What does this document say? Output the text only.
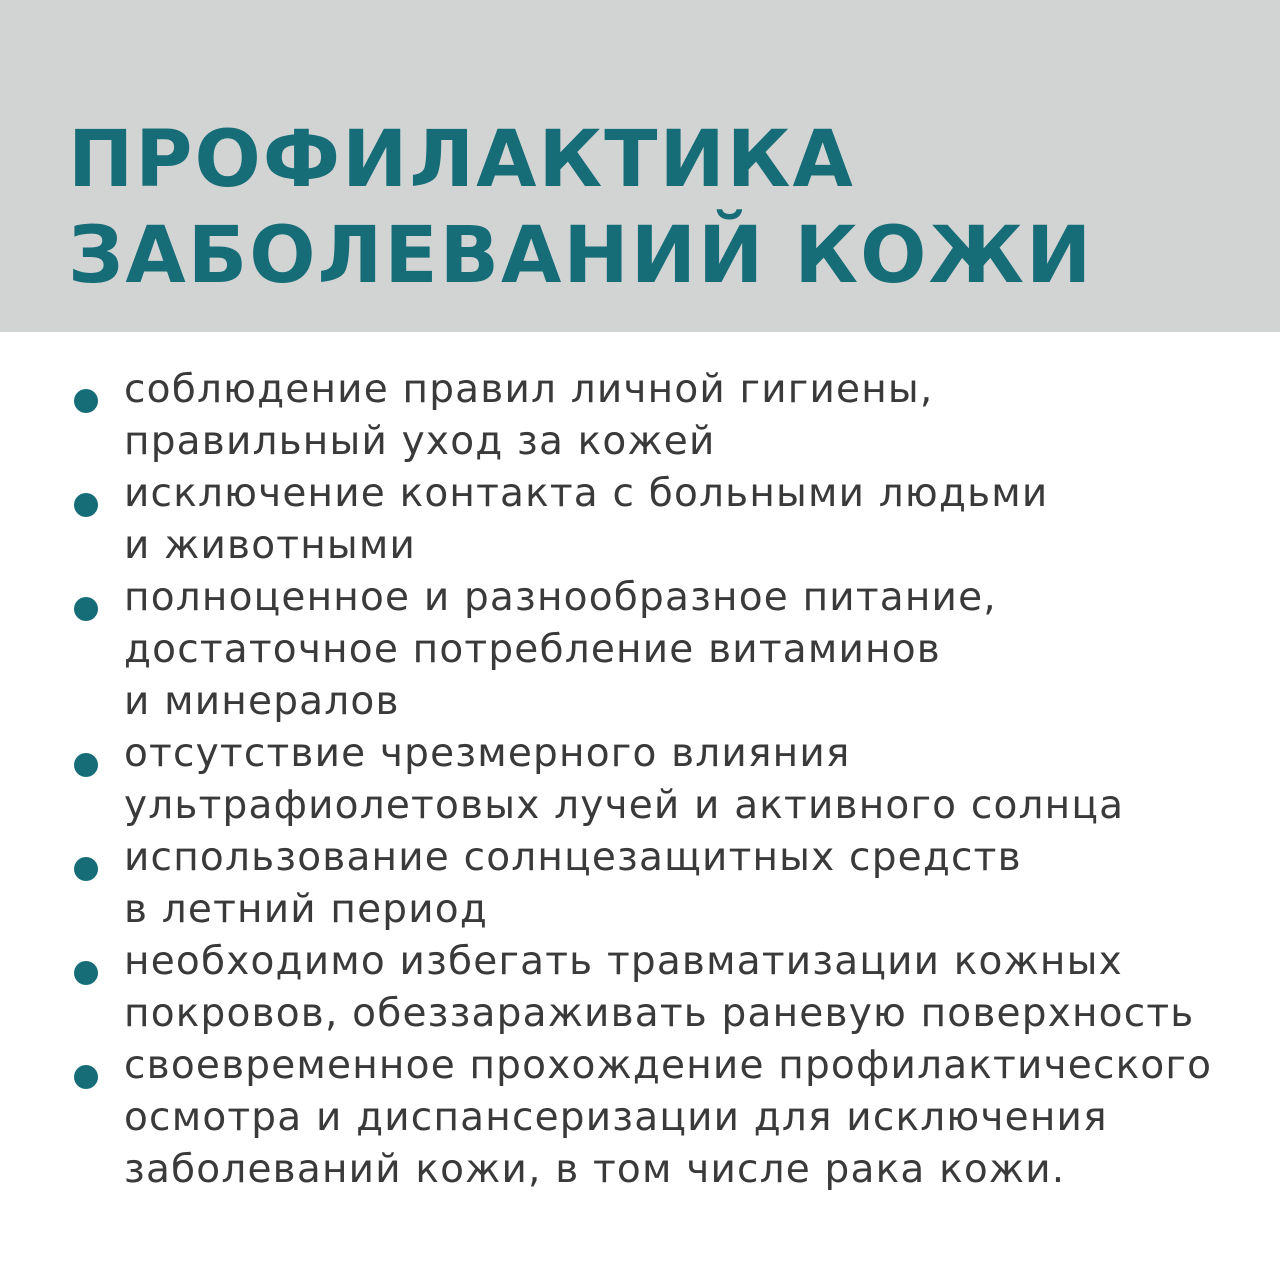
ПРОФИЛАКТИКА
ЗАБОЛЕВАНИЙ КОЖИ
соблюдение правил личной гигиены,
правильный уход за кожей
исключение контакта с больными людьми
и животными
полноценное и разнообразное питание,
достаточное потребление витаминов
и минералов
отсутствие чрезмерного влияния
ультрафиолетовых лучей и активного солнца
использование солнцезащитных средств
в летний период
необходимо избегать травматизации кожных
покровов, обеззараживать раневую поверхность
своевременное прохождение профилактического
осмотра и диспансеризации для исключения
заболеваний кожи, в том числе рака кожи.
